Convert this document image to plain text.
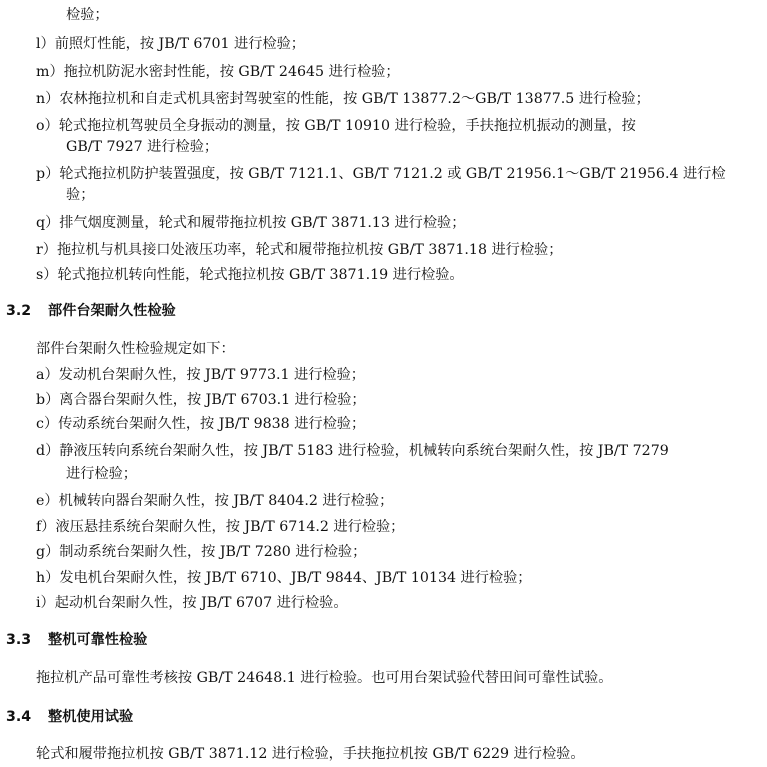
检验；
l）前照灯性能，按 JB/T 6701 进行检验；
m）拖拉机防泥水密封性能，按 GB/T 24645 进行检验；
n）农林拖拉机和自走式机具密封驾驶室的性能，按 GB/T 13877.2～GB/T 13877.5 进行检验；
o）轮式拖拉机驾驶员全身振动的测量，按 GB/T 10910 进行检验，手扶拖拉机振动的测量，按
GB/T 7927 进行检验；
p）轮式拖拉机防护装置强度，按 GB/T 7121.1、GB/T 7121.2 或 GB/T 21956.1～GB/T 21956.4 进行检
验；
q）排气烟度测量，轮式和履带拖拉机按 GB/T 3871.13 进行检验；
r）拖拉机与机具接口处液压功率，轮式和履带拖拉机按 GB/T 3871.18 进行检验；
s）轮式拖拉机转向性能，轮式拖拉机按 GB/T 3871.19 进行检验。
3.2 部件台架耐久性检验
部件台架耐久性检验规定如下：
a）发动机台架耐久性，按 JB/T 9773.1 进行检验；
b）离合器台架耐久性，按 JB/T 6703.1 进行检验；
c）传动系统台架耐久性，按 JB/T 9838 进行检验；
d）静液压转向系统台架耐久性，按 JB/T 5183 进行检验，机械转向系统台架耐久性，按 JB/T 7279
进行检验；
e）机械转向器台架耐久性，按 JB/T 8404.2 进行检验；
f）液压悬挂系统台架耐久性，按 JB/T 6714.2 进行检验；
g）制动系统台架耐久性，按 JB/T 7280 进行检验；
h）发电机台架耐久性，按 JB/T 6710、JB/T 9844、JB/T 10134 进行检验；
i）起动机台架耐久性，按 JB/T 6707 进行检验。
3.3 整机可靠性检验
拖拉机产品可靠性考核按 GB/T 24648.1 进行检验。也可用台架试验代替田间可靠性试验。
3.4 整机使用试验
轮式和履带拖拉机按 GB/T 3871.12 进行检验，手扶拖拉机按 GB/T 6229 进行检验。
